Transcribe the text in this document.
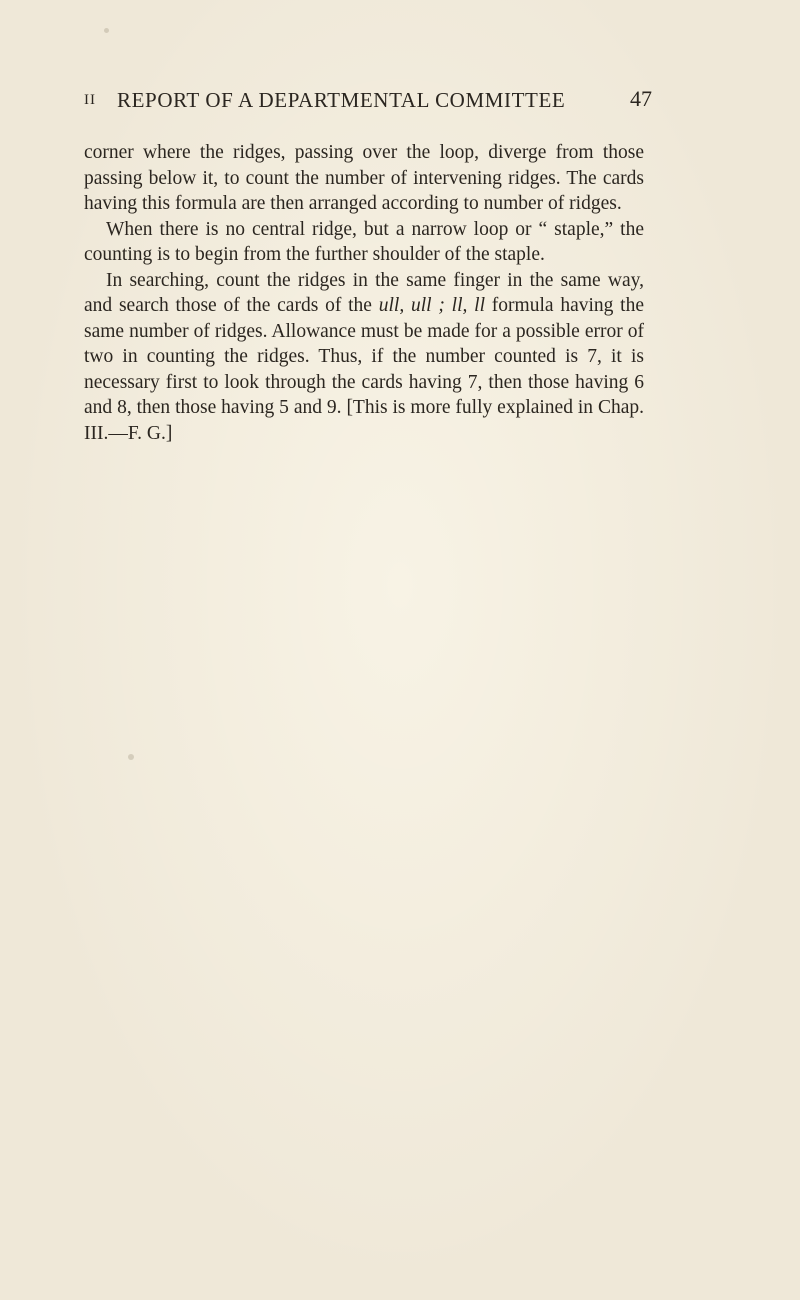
II REPORT OF A DEPARTMENTAL COMMITTEE	47

corner where the ridges, passing over the loop, diverge from those passing below it, to count the number of intervening ridges. The cards having this formula are then arranged according to number of ridges.

When there is no central ridge, but a narrow loop or “ staple,” the counting is to begin from the further shoulder of the staple.

In searching, count the ridges in the same finger in the same way, and search those of the cards of the ull, ull ; ll, ll formula having the same number of ridges. Allowance must be made for a possible error of two in counting the ridges. Thus, if the number counted is 7, it is necessary first to look through the cards having 7, then those having 6 and 8, then those having 5 and 9. [This is more fully explained in Chap. III.—F. G.]
